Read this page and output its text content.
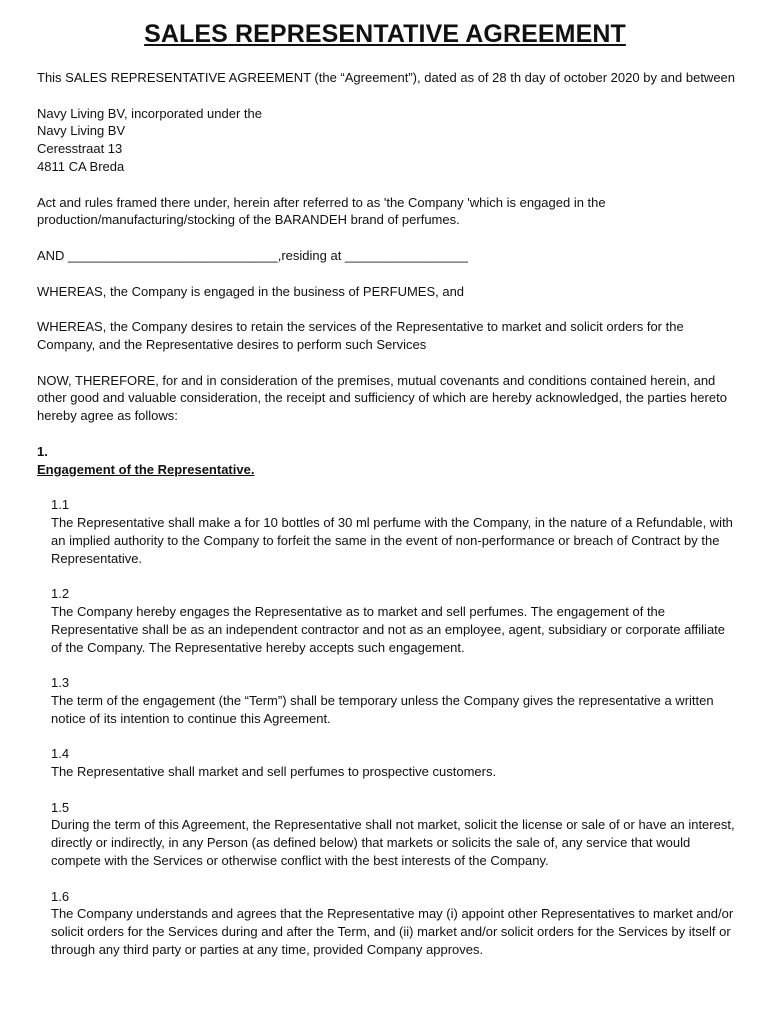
SALES REPRESENTATIVE AGREEMENT

This SALES REPRESENTATIVE AGREEMENT (the “Agreement”), dated as of 28 th day of october 2020 by and between

Navy Living BV, incorporated under the

Navy Living BV

Ceresstraat 13

4811 CA Breda

Act and rules framed there under, herein after referred to as 'the Company 'which is engaged in the production/manufacturing/stocking of the BARANDEH brand of perfumes.

AND _____________________________,residing at _________________

WHEREAS, the Company is engaged in the business of PERFUMES, and

WHEREAS, the Company desires to retain the services of the Representative to market and solicit orders for the Company, and the Representative desires to perform such Services

NOW, THEREFORE, for and in consideration of the premises, mutual covenants and conditions contained herein, and other good and valuable consideration, the receipt and sufficiency of which are hereby acknowledged, the parties hereto hereby agree as follows:

1.

Engagement of the Representative.

1.1

The Representative shall make a for 10 bottles of 30 ml perfume with the Company, in the nature of a Refundable, with an implied authority to the Company to forfeit the same in the event of non-performance or breach of Contract by the Representative.

1.2

The Company hereby engages the Representative as to market and sell perfumes. The engagement of the Representative shall be as an independent contractor and not as an employee, agent, subsidiary or corporate affiliate of the Company. The Representative hereby accepts such engagement.

1.3

The term of the engagement (the “Term”) shall be temporary unless the Company gives the representative a written notice of its intention to continue this Agreement.

1.4

The Representative shall market and sell perfumes to prospective customers.

1.5

During the term of this Agreement, the Representative shall not market, solicit the license or sale of or have an interest, directly or indirectly, in any Person (as defined below) that markets or solicits the sale of, any service that would compete with the Services or otherwise conflict with the best interests of the Company.

1.6

The Company understands and agrees that the Representative may (i) appoint other Representatives to market and/or solicit orders for the Services during and after the Term, and (ii) market and/or solicit orders for the Services by itself or through any third party or parties at any time, provided Company approves.
